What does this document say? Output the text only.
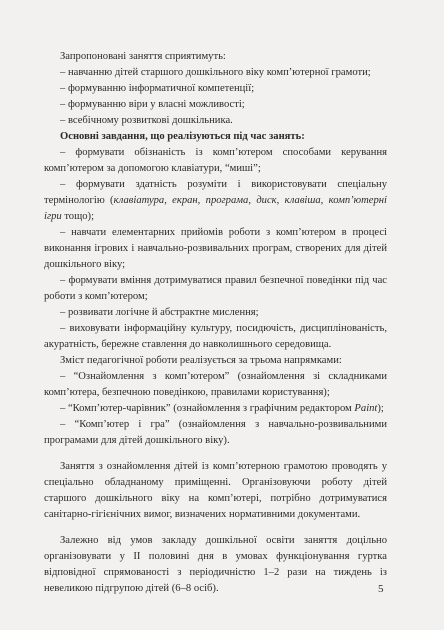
Запропоновані заняття сприятимуть:

– навчанню дітей старшого дошкільного віку комп’ютерної грамоти;

– формуванню інформатичної компетенції;

– формуванню віри у власні можливості;

– всебічному розвиткові дошкільника.

Основні завдання, що реалізуються під час занять:

– формувати обізнаність із комп’ютером способами керування комп’ютером за допомогою клавіатури, “миші”;

– формувати здатність розуміти і використовувати спеціальну термінологію (клавіатура, екран, програма, диск, клавіша, комп’ютерні ігри тощо);

– навчати елементарних прийомів роботи з комп’ютером в процесі виконання ігрових і навчально-розвивальних програм, створених для дітей дошкільного віку;

– формувати вміння дотримуватися правил безпечної поведінки під час роботи з комп’ютером;

– розвивати логічне й абстрактне мислення;

– виховувати інформаційну культуру, посидючість, дисциплінованість, акуратність, бережне ставлення до навколишнього середовища.

Зміст педагогічної роботи реалізується за трьома напрямками:

– “Ознайомлення з комп’ютером” (ознайомлення зі складниками комп’ютера, безпечною поведінкою, правилами користування);

– “Комп’ютер-чарівник” (ознайомлення з графічним редактором Paint);

– “Комп’ютер і гра” (ознайомлення з навчально-розвивальними програмами для дітей дошкільного віку).

Заняття з ознайомлення дітей із комп’ютерною грамотою проводять у спеціально обладнаному приміщенні. Організовуючи роботу дітей старшого дошкільного віку на комп’ютері, потрібно дотримуватися санітарно-гігієнічних вимог, визначених нормативними документами.

Залежно від умов закладу дошкільної освіти заняття доцільно організовувати у ІІ половині дня в умовах функціонування гуртка відповідної спрямованості з періодичністю 1–2 рази на тиждень із невеликою підгрупою дітей (6–8 осіб).	5
